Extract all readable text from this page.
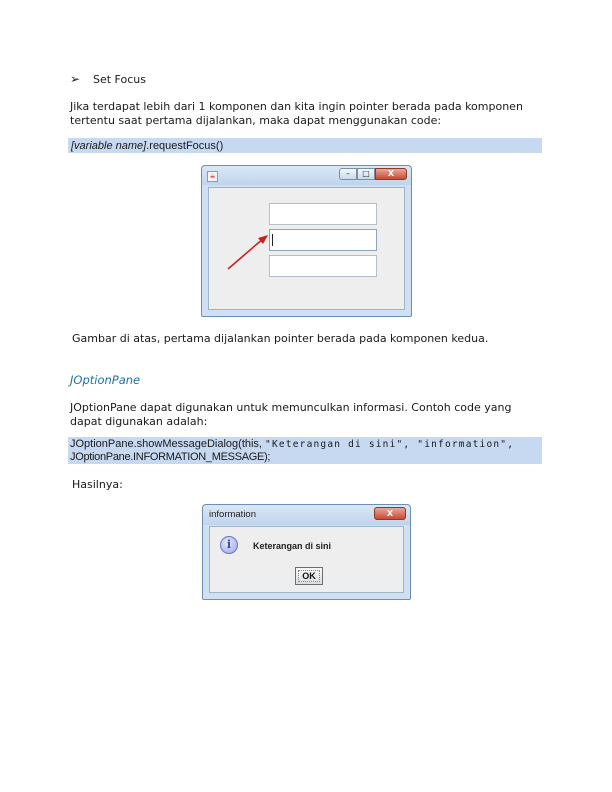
➢ Set Focus
Jika terdapat lebih dari 1 komponen dan kita ingin pointer berada pada komponen
tertentu saat pertama dijalankan, maka dapat menggunakan code:
[variable name].requestFocus()
☕	–	□	X
Gambar di atas, pertama dijalankan pointer berada pada komponen kedua.
JOptionPane
JOptionPane dapat digunakan untuk memunculkan informasi. Contoh code yang
dapat digunakan adalah:
JOptionPane.showMessageDialog(this, "Keterangan di sini", "information",
JOptionPane.INFORMATION_MESSAGE);
Hasilnya:
information	X
i	Keterangan di sini
OK
